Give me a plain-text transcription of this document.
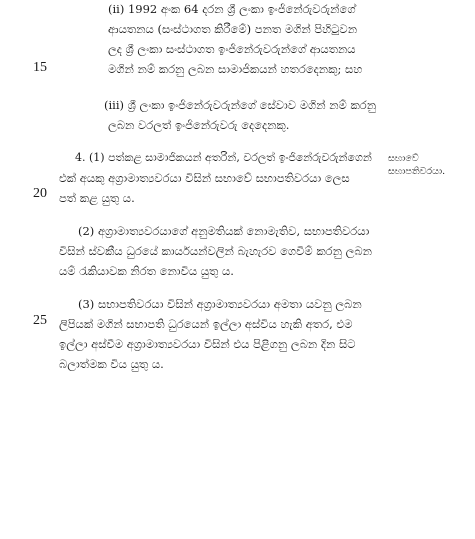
(ii) 1992 අංක 64 දරන ශ්‍රී ලංකා ඉංජිනේරුවරුන්ගේ
ආයතනය (සංස්ථාගත කිරීමේ) පනත මගින් පිහිටුවන
ලද ශ්‍රී ලංකා සංස්ථාගත ඉංජිනේරුවරුන්ගේ ආයතනය
මගින් නම් කරනු ලබන සාමාජිකයන් හතරදෙනකු; සහ
15
(iii) ශ්‍රී ලංකා ඉංජිනේරුවරුන්ගේ සේවාව මගින් නම් කරනු
ලබන වරලත් ඉංජිනේරුවරු දෙදෙනකු.
සභාවේ
සභාපතිවරයා.
4. (1) පත්කළ සාමාජිකයන් අතරින්, වරලත් ඉංජිනේරුවරුන්ගෙන්
එක් අයකු අග්‍රාමාත්‍යවරයා විසින් සභාවේ සභාපතිවරයා ලෙස
පත් කළ යුතු ය.
20
(2) අග්‍රාමාත්‍යවරයාගේ අනුමතියක් නොමැතිව, සභාපතිවරයා
විසින් ස්වකීය ධුරයේ කාර්යයන්වලින් බැහැරව ගෙවීම් කරනු ලබන
යම් රැකියාවක නිරත නොවිය යුතු ය.
(3) සභාපතිවරයා විසින් අග්‍රාමාත්‍යවරයා අමතා යවනු ලබන
ලිපියක් මගින් සභාපති ධුරයෙන් ඉල්ලා අස්විය හැකි අතර, එම
ඉල්ලා අස්වීම අග්‍රාමාත්‍යවරයා විසින් එය පිළිගනු ලබන දින සිට
බලාත්මක විය යුතු ය.
25
